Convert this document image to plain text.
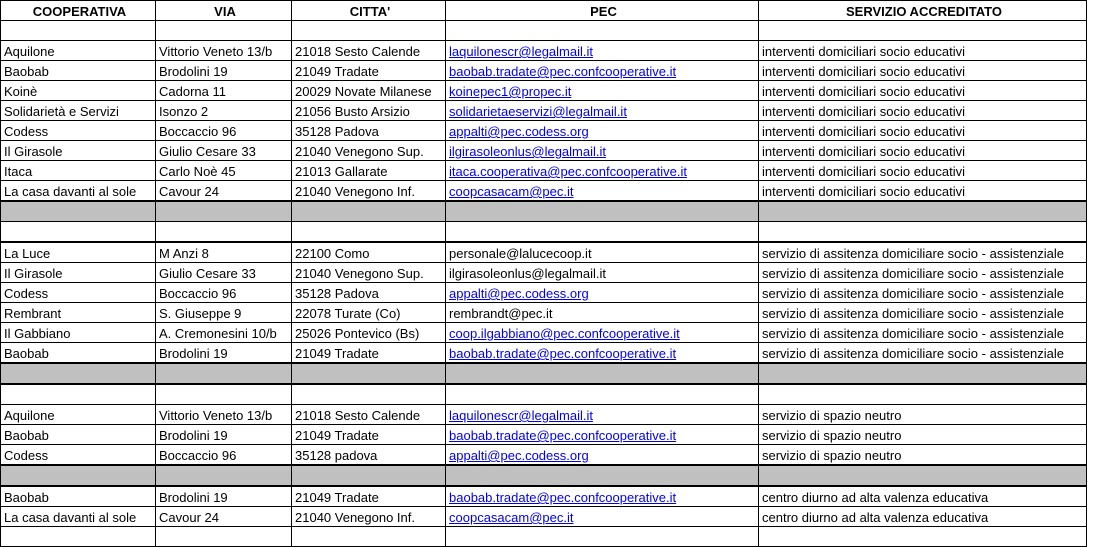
COOPERATIVA	VIA	CITTA'	PEC	SERVIZIO ACCREDITATO

Aquilone	Vittorio Veneto 13/b	21018 Sesto Calende	laquilonescr@legalmail.it	interventi domiciliari socio educativi
Baobab	Brodolini 19	21049 Tradate	baobab.tradate@pec.confcooperative.it	interventi domiciliari socio educativi
Koinè	Cadorna 11	20029 Novate Milanese	koinepec1@propec.it	interventi domiciliari socio educativi
Solidarietà e Servizi	Isonzo 2	21056 Busto Arsizio	solidarietaeservizi@legalmail.it	interventi domiciliari socio educativi
Codess	Boccaccio 96	35128 Padova	appalti@pec.codess.org	interventi domiciliari socio educativi
Il Girasole	Giulio Cesare 33	21040 Venegono Sup.	ilgirasoleonlus@legalmail.it	interventi domiciliari socio educativi
Itaca	Carlo Noè 45	21013 Gallarate	itaca.cooperativa@pec.confcooperative.it	interventi domiciliari socio educativi
La casa davanti al sole	Cavour 24	21040 Venegono Inf.	coopcasacam@pec.it	interventi domiciliari socio educativi

La Luce	M Anzi 8	22100 Como	personale@lalucecoop.it	servizio di assitenza domiciliare socio - assistenziale
Il Girasole	Giulio Cesare 33	21040 Venegono Sup.	ilgirasoleonlus@legalmail.it	servizio di assitenza domiciliare socio - assistenziale
Codess	Boccaccio 96	35128 Padova	appalti@pec.codess.org	servizio di assitenza domiciliare socio - assistenziale
Rembrant	S. Giuseppe 9	22078 Turate (Co)	rembrandt@pec.it	servizio di assitenza domiciliare socio - assistenziale
Il Gabbiano	A. Cremonesini 10/b	25026 Pontevico (Bs)	coop.ilgabbiano@pec.confcooperative.it	servizio di assitenza domiciliare socio - assistenziale
Baobab	Brodolini 19	21049 Tradate	baobab.tradate@pec.confcooperative.it	servizio di assitenza domiciliare socio - assistenziale

Aquilone	Vittorio Veneto 13/b	21018 Sesto Calende	laquilonescr@legalmail.it	servizio di spazio neutro
Baobab	Brodolini 19	21049 Tradate	baobab.tradate@pec.confcooperative.it	servizio di spazio neutro
Codess	Boccaccio 96	35128 padova	appalti@pec.codess.org	servizio di spazio neutro

Baobab	Brodolini 19	21049 Tradate	baobab.tradate@pec.confcooperative.it	centro diurno ad alta valenza educativa
La casa davanti al sole	Cavour 24	21040 Venegono Inf.	coopcasacam@pec.it	centro diurno ad alta valenza educativa
